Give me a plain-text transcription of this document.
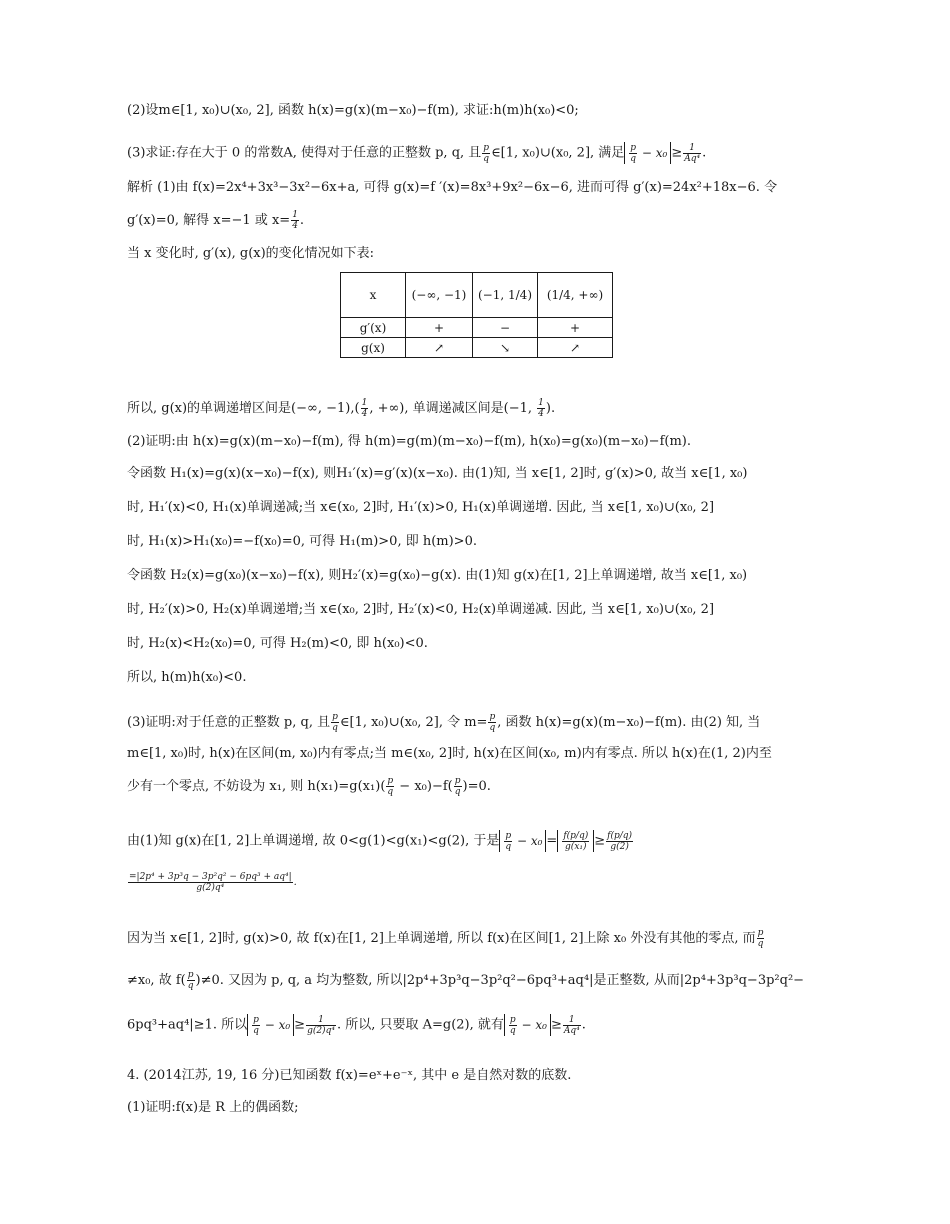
(2)设m∈[1, x₀)∪(x₀, 2], 函数 h(x)=g(x)(m−x₀)−f(m), 求证:h(m)h(x₀)<0;
(3)求证:存在大于 0 的常数A, 使得对于任意的正整数 p, q, 且 $\frac{p}{q}$ ∈[1, x₀)∪(x₀, 2], 满足 $\frac{p}{q} - x_0 \ge \frac{1}{\text{Aq⁴}}$ .
解析 (1)由 f(x)=2x⁴+3x³−3x²−6x+a, 可得 g(x)=f ′(x)=8x³+9x²−6x−6, 进而可得 g′(x)=24x²+18x−6. 令
g′(x)=0, 解得 x=−1 或 $x= \frac{1}{4}$ .
当 x 变化时, g′(x), g(x)的变化情况如下表:
x	(−∞, −1)	(−1, 1/4)	(1/4, +∞)
g′(x)	+	−	+
g(x)	↗	↘	↗
所以, g(x)的单调递增区间是(−∞, $-1),( \frac{1}{4}$ , +∞), 单调递减区间是(−1, $\frac{1}{4}$ ).
(2)证明:由 h(x)=g(x)(m−x₀)−f(m), 得 h(m)=g(m)(m−x₀)−f(m), h(x₀)=g(x₀)(m−x₀)−f(m).
令函数 H₁(x)=g(x)(x−x₀)−f(x), 则H₁′(x)=g′(x)(x−x₀). 由(1)知, 当 x∈[1, 2]时, g′(x)>0, 故当 x∈[1, x₀)
时, H₁′(x)<0, H₁(x)单调递减;当 x∈(x₀, 2]时, H₁′(x)>0, H₁(x)单调递增. 因此, 当 x∈[1, x₀)∪(x₀, 2]
时, H₁(x)>H₁(x₀)=−f(x₀)=0, 可得 H₁(m)>0, 即 h(m)>0.
令函数 H₂(x)=g(x₀)(x−x₀)−f(x), 则H₂′(x)=g(x₀)−g(x). 由(1)知 g(x)在[1, 2]上单调递增, 故当 x∈[1, x₀)
时, H₂′(x)>0, H₂(x)单调递增;当 x∈(x₀, 2]时, H₂′(x)<0, H₂(x)单调递减. 因此, 当 x∈[1, x₀)∪(x₀, 2]
时, H₂(x)<H₂(x₀)=0, 可得 H₂(m)<0, 即 h(x₀)<0.
所以, h(m)h(x₀)<0.
(3)证明:对于任意的正整数 p, q, 且 $\frac{p}{q}$ ∈[1, x₀)∪(x₀, 2], 令 $m= \frac{p}{q}$ , 函数 h(x)=g(x)(m−x₀)−f(m). 由(2) 知, 当
m∈[1, x₀)时, h(x)在区间(m, x₀)内有零点;当 m∈(x₀, 2]时, h(x)在区间(x₀, m)内有零点. 所以 h(x)在(1, 2)内至
少有一个零点, 不妨设为 x₁, 则 $h(x_1)=g(x_1)( \frac{p}{q} - x_0)-f( \frac{p}{q} )=0$.
由(1)知 g(x)在[1, 2]上单调递增, 故 0<g(1)<g(x₁)<g(2), 于是 $\frac{p}{q} - x_0 = \frac{f(p/q)}{\text{g(x₁)}} \ge \frac{f(p/q)}{g(2)}$
$\frac{\text{=|2p⁴ + 3p³q − 3p²q² − 6pq³ + aq⁴|}}{\text{g(2)q⁴}}$ .
因为当 x∈[1, 2]时, g(x)>0, 故 f(x)在[1, 2]上单调递增, 所以 f(x)在区间[1, 2]上除 x₀ 外没有其他的零点, 而 $\frac{p}{q}$
≠x₀, 故 $f( \frac{p}{q} )\ne 0$. 又因为 p, q, a 均为整数, 所以|2p⁴+3p³q−3p²q²−6pq³+aq⁴|是正整数, 从而|2p⁴+3p³q−3p²q²−
6pq³+aq⁴|≥1. 所以 $\frac{p}{q} - x_0 \ge \frac{1}{\text{g(2)q⁴}}$ . 所以, 只要取 A=g(2), 就有 $\frac{p}{q} - x_0 \ge \frac{1}{\text{Aq⁴}}$ .
4. (2014江苏, 19, 16 分)已知函数 f(x)=eˣ+e⁻ˣ, 其中 e 是自然对数的底数.
(1)证明:f(x)是 R 上的偶函数;
